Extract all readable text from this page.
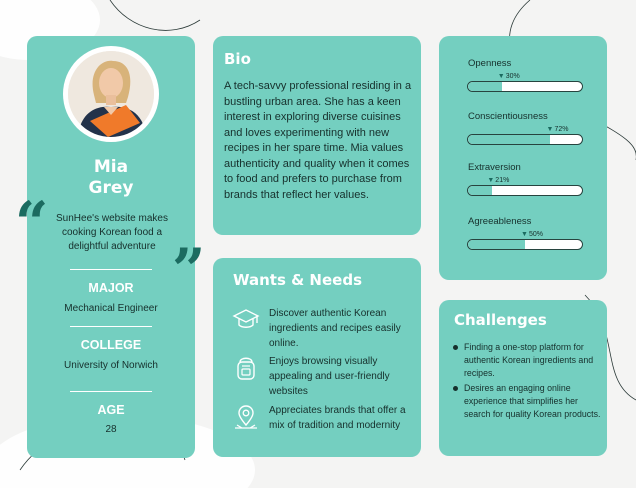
Mia
Grey
“
”
SunHee's website makes cooking Korean food a delightful adventure
MAJOR
Mechanical Engineer
COLLEGE
University of Norwich
AGE
28
Bio
A tech-savvy professional residing in a bustling urban area. She has a keen interest in exploring diverse cuisines and loves experimenting with new recipes in her spare time. Mia values authenticity and quality when it comes to food and prefers to purchase from brands that reflect her values.
Wants & Needs
Discover authentic Korean ingredients and recipes easily online.
Enjoys browsing visually appealing and user-friendly websites
Appreciates brands that offer a mix of tradition and modernity
Openness
▼30%
Conscientiousness
▼72%
Extraversion
▼21%
Agreeableness
▼50%
Challenges
Finding a one-stop platform for authentic Korean ingredients and recipes.
Desires an engaging online experience that simplifies her search for quality Korean products.
